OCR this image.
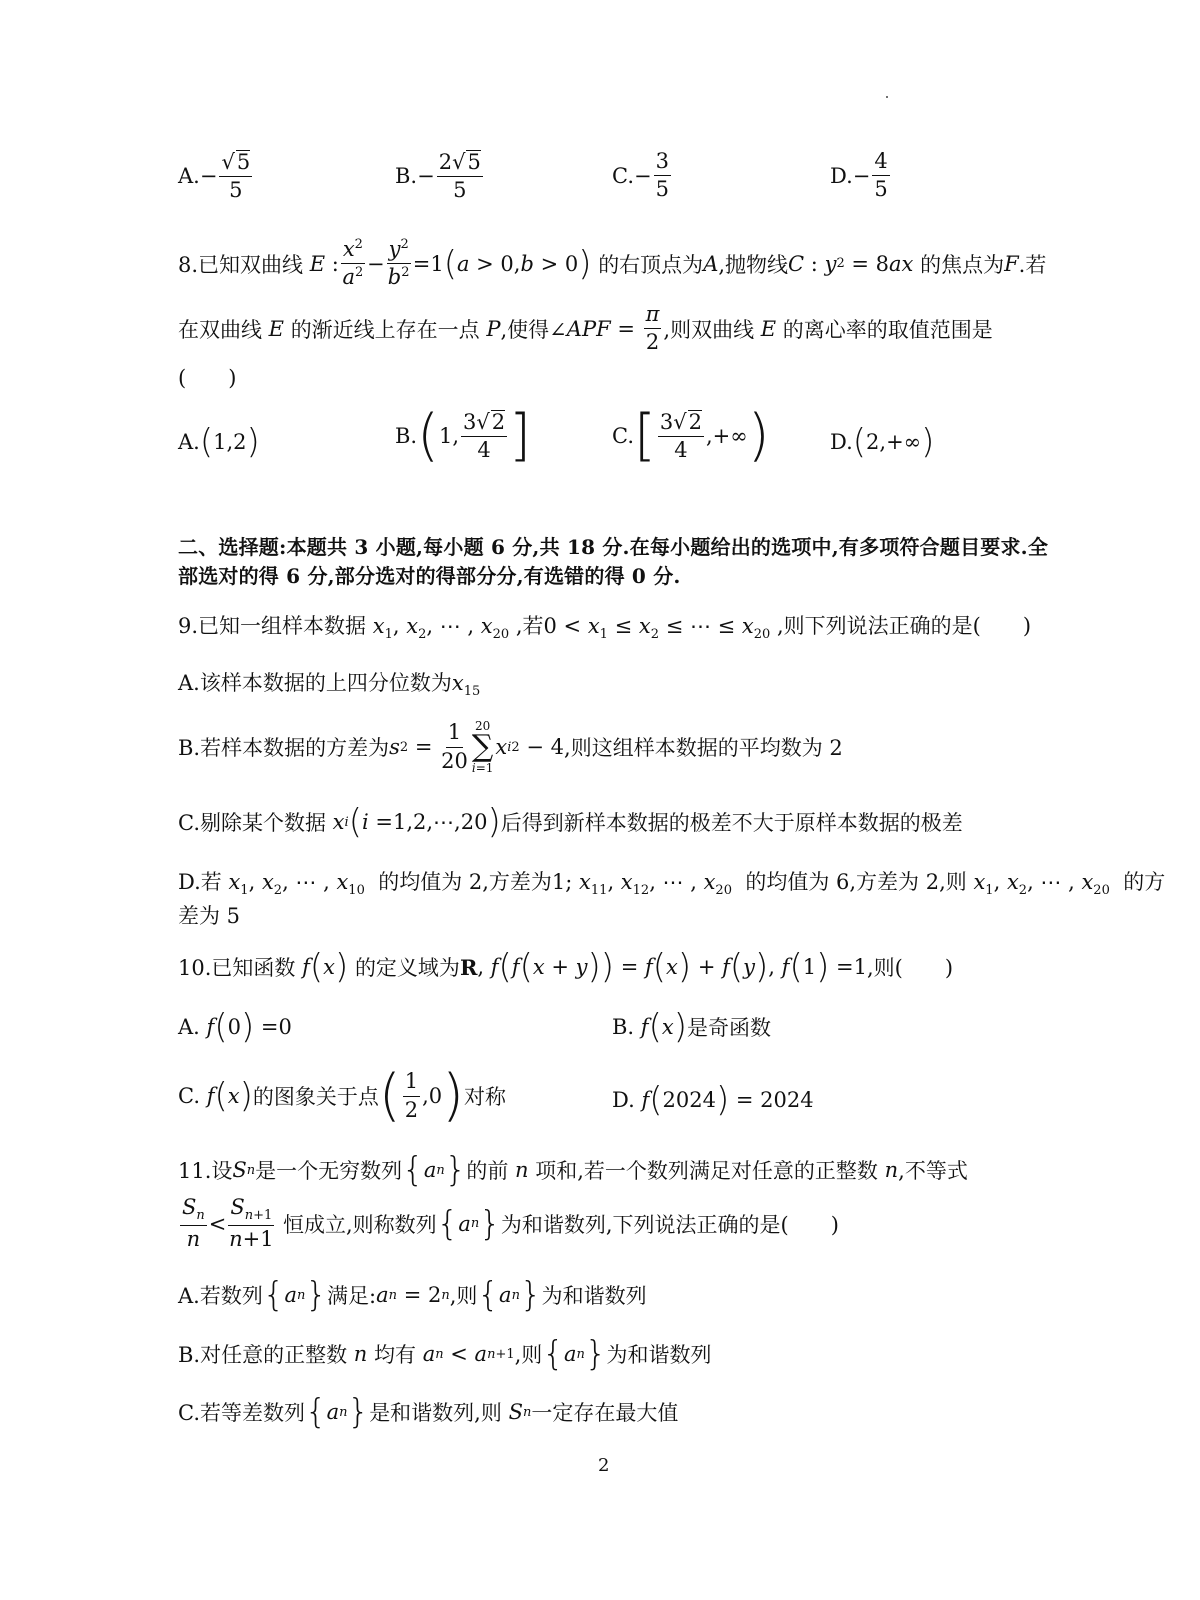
A. − $\frac{√5}{5}$	B. − $\frac{2√5}{5}$	C. − $\frac{3}{5}$	D. − $\frac{4}{5}$
8.已知双曲线 E : $\frac{x^2}{a^2} - \frac{y^2}{b^2} =1$ ( a > 0, b > 0 )
的右顶点为 A ,抛物线 C : y 2 = 8 ax
的焦点为 F .若
在双曲线 E 的渐近线上存在一点 P ,使得∠ APF = $\frac{\pi}{2}$ ,则双曲线 E 的离心率的取值范围是
(　　)
A. ( 1,2 )	B. ( 1, $\frac{3√2}{4}$ ]	C. [ $\frac{3√2}{4}$ ,+∞ )	D. ( 2,+∞ )
二、选择题:本题共 3 小题,每小题 6 分,共 18 分.在每小题给出的选项中,有多项符合题目要求.全
部选对的得 6 分,部分选对的得部分分,有选错的得 0 分.
9.已知一组样本数据 $x_1$, $x_2$, ⋯ , $x_{20}$ ,若$0 < x_1 \le x_2$ ≤ ⋯ ≤ $x_{20}$ ,则下列说法正确的是(　　)
A.该样本数据的上四分位数为$x_{15}$
B.若样本数据的方差为 s $2 = \frac{1}{20} 20$
∑
i=1
x i 2 − 4 ,则这组样本数据的平均数为 2
C.剔除某个数据 x i ( i =1,2,⋯,20 ) 后得到新样本数据的极差不大于原样本数据的极差
D.若 $x_1$, $x_2$, ⋯ , $x_{10}$ 的均值为 2,方差为1; $x_{11}$, $x_{12}$, ⋯ , $x_{20}$ 的均值为 6,方差为 2,则 $x_1$, $x_2$, ⋯ , $x_{20}$ 的方
差为 5
10.已知函数
f ( x )
的定义域为 R , f ( f ( x + y ) ) = f ( x ) + f ( y ) , f ( 1 ) =1 ,则(　　)
A.
f ( 0 ) =0	B.
f ( x ) 是奇函数
C.
f ( x ) 的图象关于点 ( $\frac{1}{2} ,0$ ) 对称	D.
f ( 2024 ) = 2024
11.设 S n 是一个无穷数列 { a n } 的前 n 项和,若一个数列满足对任意的正整数 n ,不等式
$\frac{S_n}{n} < \frac{S_{n+1}}{n+1}$
恒成立,则称数列 { a n } 为和谐数列,下列说法正确的是(　　)
A.若数列 { a n } 满足: a n = 2 n ,则 { a n } 为和谐数列
B.对任意的正整数 n 均有
a n < a n+1 ,则 { a n } 为和谐数列
C.若等差数列 { a n } 是和谐数列,则
S n 一定存在最大值
2
